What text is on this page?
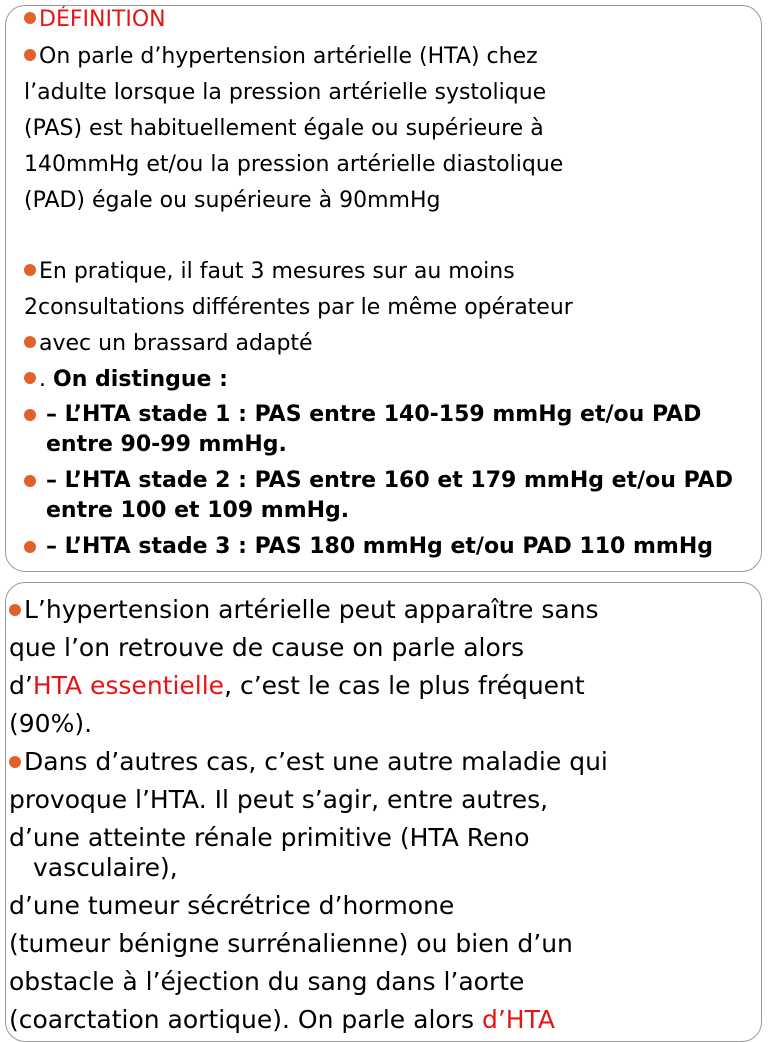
DÉFINITION
On parle d’hypertension artérielle (HTA) chez
l’adulte lorsque la pression artérielle systolique
(PAS) est habituellement égale ou supérieure à
140mmHg et/ou la pression artérielle diastolique
(PAD) égale ou supérieure à 90mmHg
En pratique, il faut 3 mesures sur au moins
2consultations différentes par le même opérateur
avec un brassard adapté
. On distingue :
– L’HTA stade 1 : PAS entre 140-159 mmHg et/ou PAD entre 90-99 mmHg.
– L’HTA stade 2 : PAS entre 160 et 179 mmHg et/ou PAD entre 100 et 109 mmHg.
– L’HTA stade 3 : PAS 180 mmHg et/ou PAD 110 mmHg
L’hypertension artérielle peut apparaître sans
que l’on retrouve de cause on parle alors
d’HTA essentielle, c’est le cas le plus fréquent
(90%).
Dans d’autres cas, c’est une autre maladie qui
provoque l’HTA. Il peut s’agir, entre autres,
d’une atteinte rénale primitive (HTA Reno
vasculaire),
d’une tumeur sécrétrice d’hormone
(tumeur bénigne surrénalienne) ou bien d’un
obstacle à l’éjection du sang dans l’aorte
(coarctation aortique). On parle alors d’HTA
